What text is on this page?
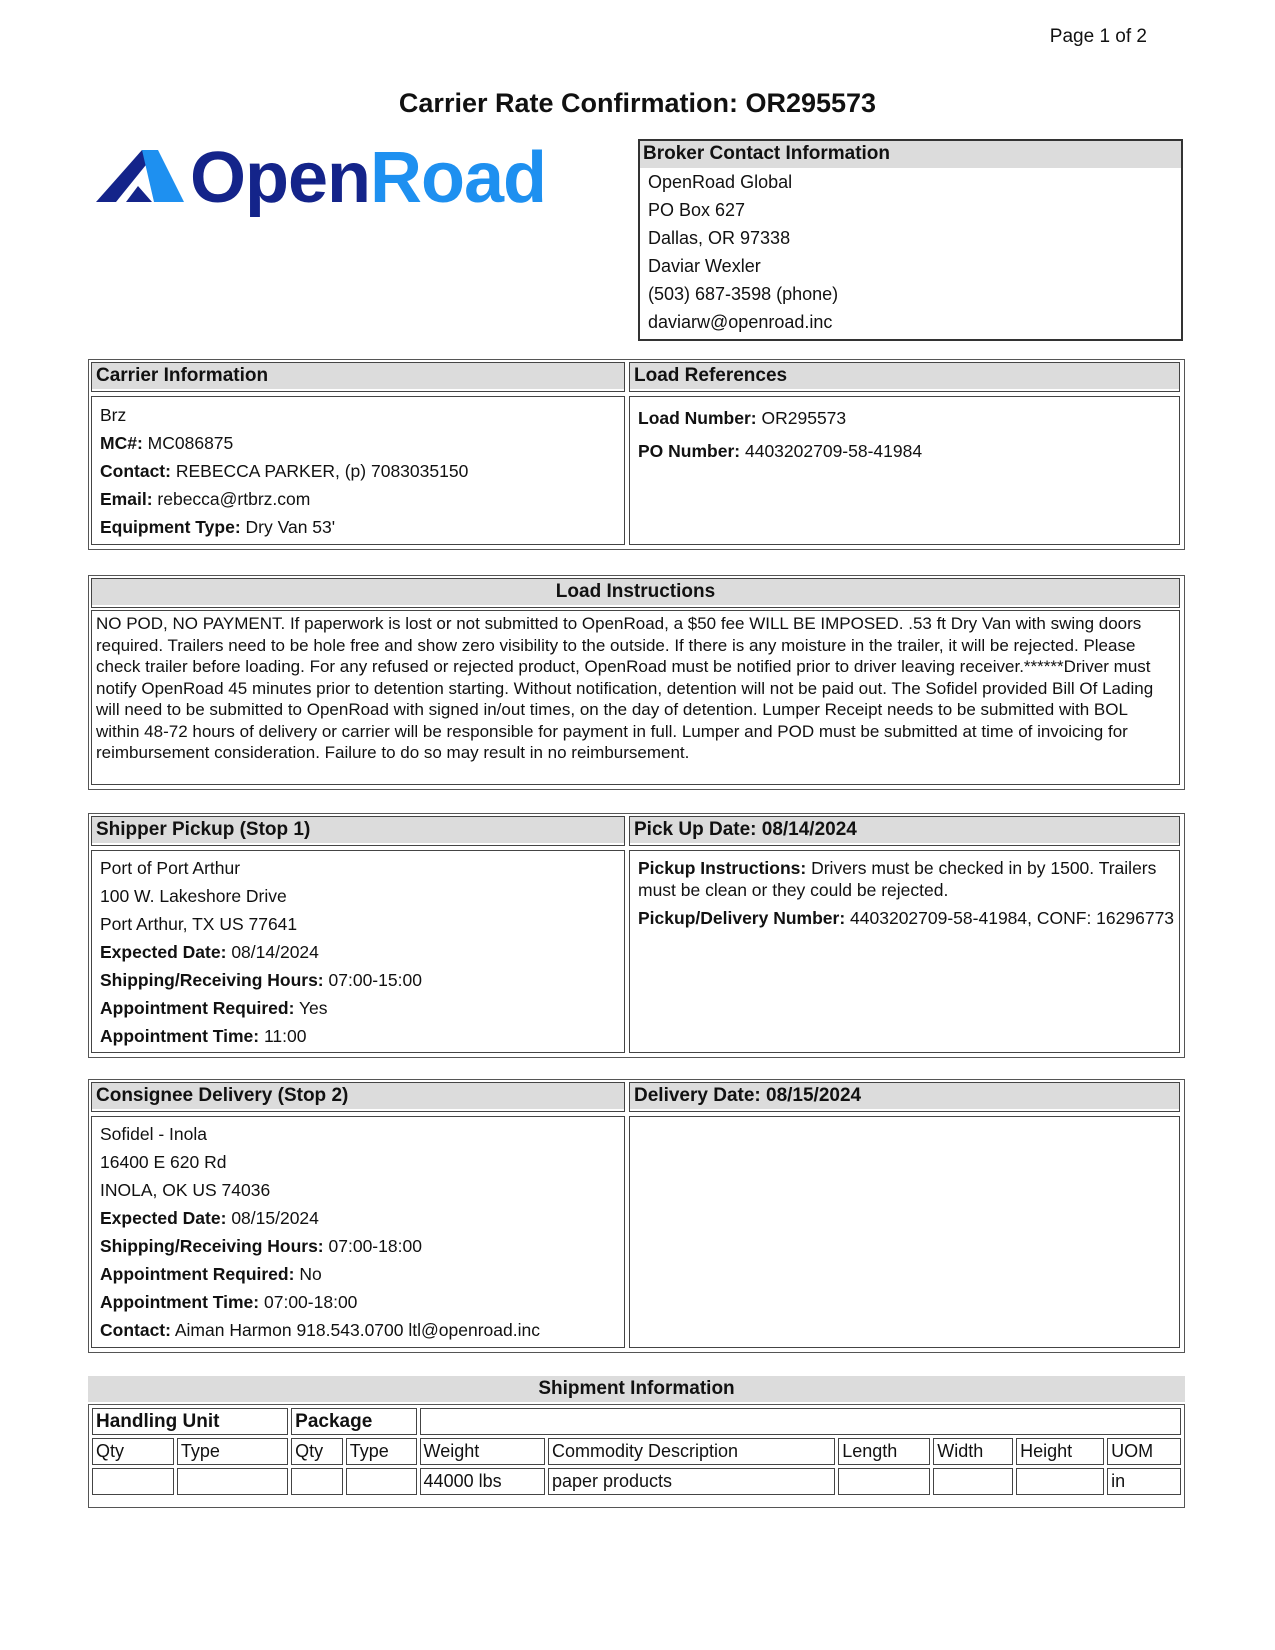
Page 1 of 2
Carrier Rate Confirmation: OR295573
OpenRoad	Broker Contact Information
OpenRoad Global
PO Box 627
Dallas, OR 97338
Daviar Wexler
(503) 687-3598 (phone)
daviarw@openroad.inc
Carrier Information	Load References
Brz
MC#: MC086875
Contact: REBECCA PARKER, (p) 7083035150
Email: rebecca@rtbrz.com
Equipment Type: Dry Van 53'
Load Number: OR295573
PO Number: 4403202709-58-41984
Load Instructions
NO POD, NO PAYMENT. If paperwork is lost or not submitted to OpenRoad, a $50 fee WILL BE IMPOSED. .53 ft Dry Van with swing doors required. Trailers need to be hole free and show zero visibility to the outside. If there is any moisture in the trailer, it will be rejected. Please check trailer before loading. For any refused or rejected product, OpenRoad must be notified prior to driver leaving receiver.******Driver must notify OpenRoad 45 minutes prior to detention starting. Without notification, detention will not be paid out. The Sofidel provided Bill Of Lading will need to be submitted to OpenRoad with signed in/out times, on the day of detention. Lumper Receipt needs to be submitted with BOL within 48-72 hours of delivery or carrier will be responsible for payment in full. Lumper and POD must be submitted at time of invoicing for reimbursement consideration. Failure to do so may result in no reimbursement.
Shipper Pickup (Stop 1)	Pick Up Date: 08/14/2024
Port of Port Arthur
100 W. Lakeshore Drive
Port Arthur, TX US 77641
Expected Date: 08/14/2024
Shipping/Receiving Hours: 07:00-15:00
Appointment Required: Yes
Appointment Time: 11:00
Pickup Instructions: Drivers must be checked in by 1500. Trailers must be clean or they could be rejected.
Pickup/Delivery Number: 4403202709-58-41984, CONF: 16296773
Consignee Delivery (Stop 2)	Delivery Date: 08/15/2024
Sofidel - Inola
16400 E 620 Rd
INOLA, OK US 74036
Expected Date: 08/15/2024
Shipping/Receiving Hours: 07:00-18:00
Appointment Required: No
Appointment Time: 07:00-18:00
Contact: Aiman Harmon 918.543.0700 ltl@openroad.inc
Shipment Information
Handling Unit		Package							
Qty	Type	Qty	Type	Weight	Commodity Description	Length	Width	Height	UOM
				44000 lbs	paper products				in
